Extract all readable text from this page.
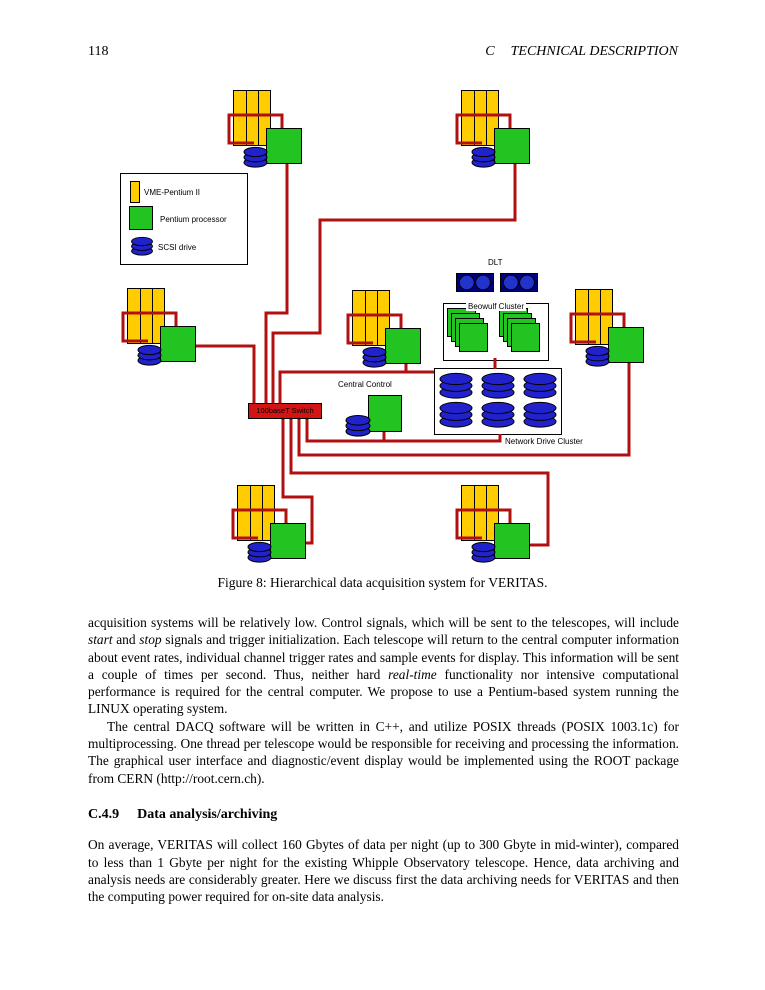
118	C TECHNICAL DESCRIPTION
VME-Pentium II
Pentium processor
SCSI drive
DLT
Beowulf Cluster
Central Control
100baseT Switch
Network Drive Cluster
Figure 8: Hierarchical data acquisition system for VERITAS.

acquisition systems will be relatively low. Control signals, which will be sent to the telescopes, will include start and stop signals and trigger initialization. Each telescope will return to the central computer information about event rates, individual channel trigger rates and sample events for display. This information will be sent a couple of times per second. Thus, neither hard real-time functionality nor intensive computational performance is required for the central computer. We propose to use a Pentium-based system running the LINUX operating system.

The central DACQ software will be written in C++, and utilize POSIX threads (POSIX 1003.1c) for multiprocessing. One thread per telescope would be responsible for receiving and processing the information. The graphical user interface and diagnostic/event display would be implemented using the ROOT package from CERN (http://root.cern.ch).

C.4.9 Data analysis/archiving

On average, VERITAS will collect 160 Gbytes of data per night (up to 300 Gbyte in mid-winter), compared to less than 1 Gbyte per night for the existing Whipple Observatory telescope. Hence, data archiving and analysis needs are considerably greater. Here we discuss first the data archiving needs for VERITAS and then the computing power required for on-site data analysis.
